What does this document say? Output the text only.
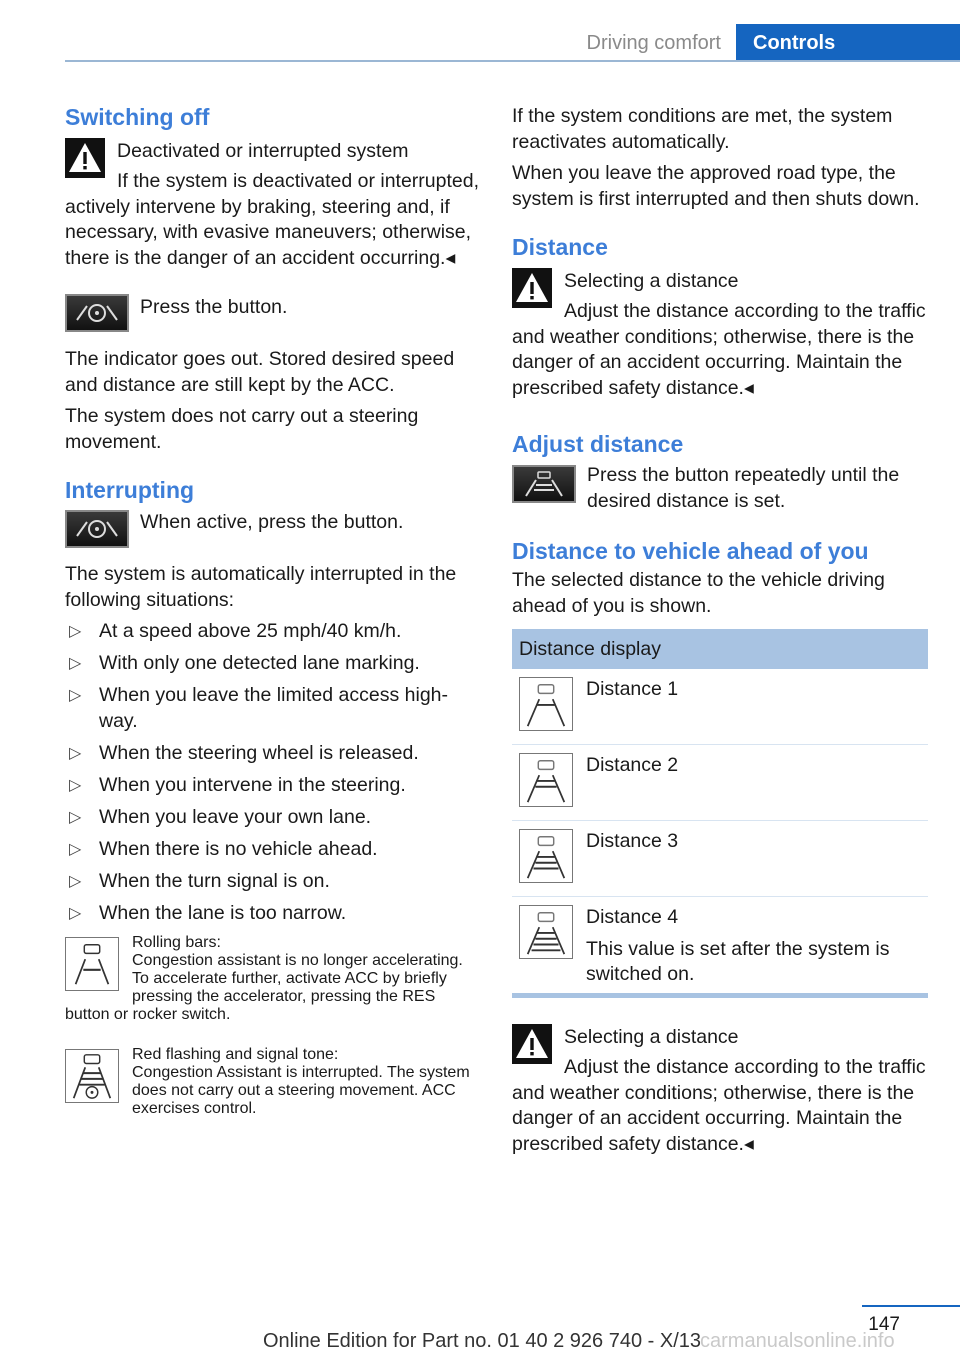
Driving comfort	Controls
Switching off
Deactivated or interrupted system
If the system is deactivated or interrupted, actively intervene by braking, steering and, if necessary, with evasive maneuvers; otherwise, there is the danger of an accident occurring.◂

Press the button.

The indicator goes out. Stored desired speed and distance are still kept by the ACC.

The system does not carry out a steering movement.

Interrupting

When active, press the button.

The system is automatically interrupted in the following situations:

▷ At a speed above 25 mph/40 km/h.
▷ With only one detected lane marking.
▷ When you leave the limited access highway.
▷ When the steering wheel is released.
▷ When you intervene in the steering.
▷ When you leave your own lane.
▷ When there is no vehicle ahead.
▷ When the turn signal is on.
▷ When the lane is too narrow.
Rolling bars:
Congestion assistant is no longer accelerating. To accelerate further, activate ACC by briefly pressing the accelerator, pressing the RES button or rocker switch.
Red flashing and signal tone:
Congestion Assistant is interrupted. The system does not carry out a steering movement. ACC exercises control.

If the system conditions are met, the system reactivates automatically.

When you leave the approved road type, the system is first interrupted and then shuts down.

Distance
Selecting a distance
Adjust the distance according to the traffic and weather conditions; otherwise, there is the danger of an accident occurring. Maintain the prescribed safety distance.◂
Adjust distance

Press the button repeatedly until the desired distance is set.

Distance to vehicle ahead of you

The selected distance to the vehicle driving ahead of you is shown.

Distance display
Distance 1
Distance 2
Distance 3
Distance 4
This value is set after the system is switched on.
Selecting a distance
Adjust the distance according to the traffic and weather conditions; otherwise, there is the danger of an accident occurring. Maintain the prescribed safety distance.◂
147
Online Edition for Part no. 01 40 2 926 740 - X/13
carmanualsonline.info
